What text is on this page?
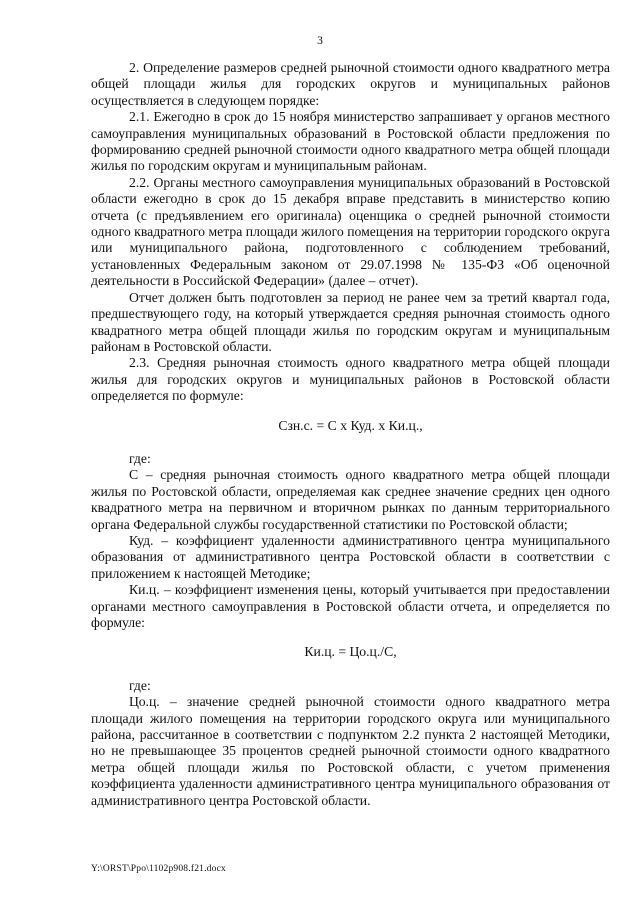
3

2. Определение размеров средней рыночной стоимости одного квадратного метра общей площади жилья для городских округов и муниципальных районов осуществляется в следующем порядке:

2.1. Ежегодно в срок до 15 ноября министерство запрашивает у органов местного самоуправления муниципальных образований в Ростовской области предложения по формированию средней рыночной стоимости одного квадратного метра общей площади жилья по городским округам и муниципальным районам.

2.2. Органы местного самоуправления муниципальных образований в Ростовской области ежегодно в срок до 15 декабря вправе представить в министерство копию отчета (с предъявлением его оригинала) оценщика о средней рыночной стоимости одного квадратного метра площади жилого помещения на территории городского округа или муниципального района, подготовленного с соблюдением требований, установленных Федеральным законом от 29.07.1998 № 135-ФЗ «Об оценочной деятельности в Российской Федерации» (далее – отчет).

Отчет должен быть подготовлен за период не ранее чем за третий квартал года, предшествующего году, на который утверждается средняя рыночная стоимость одного квадратного метра общей площади жилья по городским округам и муниципальным районам в Ростовской области.

2.3. Средняя рыночная стоимость одного квадратного метра общей площади жилья для городских округов и муниципальных районов в Ростовской области определяется по формуле:

Сзн.с. = С х Куд. х Ки.ц.,

где:

С – средняя рыночная стоимость одного квадратного метра общей площади жилья по Ростовской области, определяемая как среднее значение средних цен одного квадратного метра на первичном и вторичном рынках по данным территориального органа Федеральной службы государственной статистики по Ростовской области;

Куд. – коэффициент удаленности административного центра муниципального образования от административного центра Ростовской области в соответствии с приложением к настоящей Методике;

Ки.ц. – коэффициент изменения цены, который учитывается при предоставлении органами местного самоуправления в Ростовской области отчета, и определяется по формуле:

Ки.ц. = Цо.ц./С,

где:

Цо.ц. – значение средней рыночной стоимости одного квадратного метра площади жилого помещения на территории городского округа или муниципального района, рассчитанное в соответствии с подпунктом 2.2 пункта 2 настоящей Методики, но не превышающее 35 процентов средней рыночной стоимости одного квадратного метра общей площади жилья по Ростовской области, с учетом применения коэффициента удаленности административного центра муниципального образования от административного центра Ростовской области.

Y:\ORST\Ppo\1102p908.f21.docx
